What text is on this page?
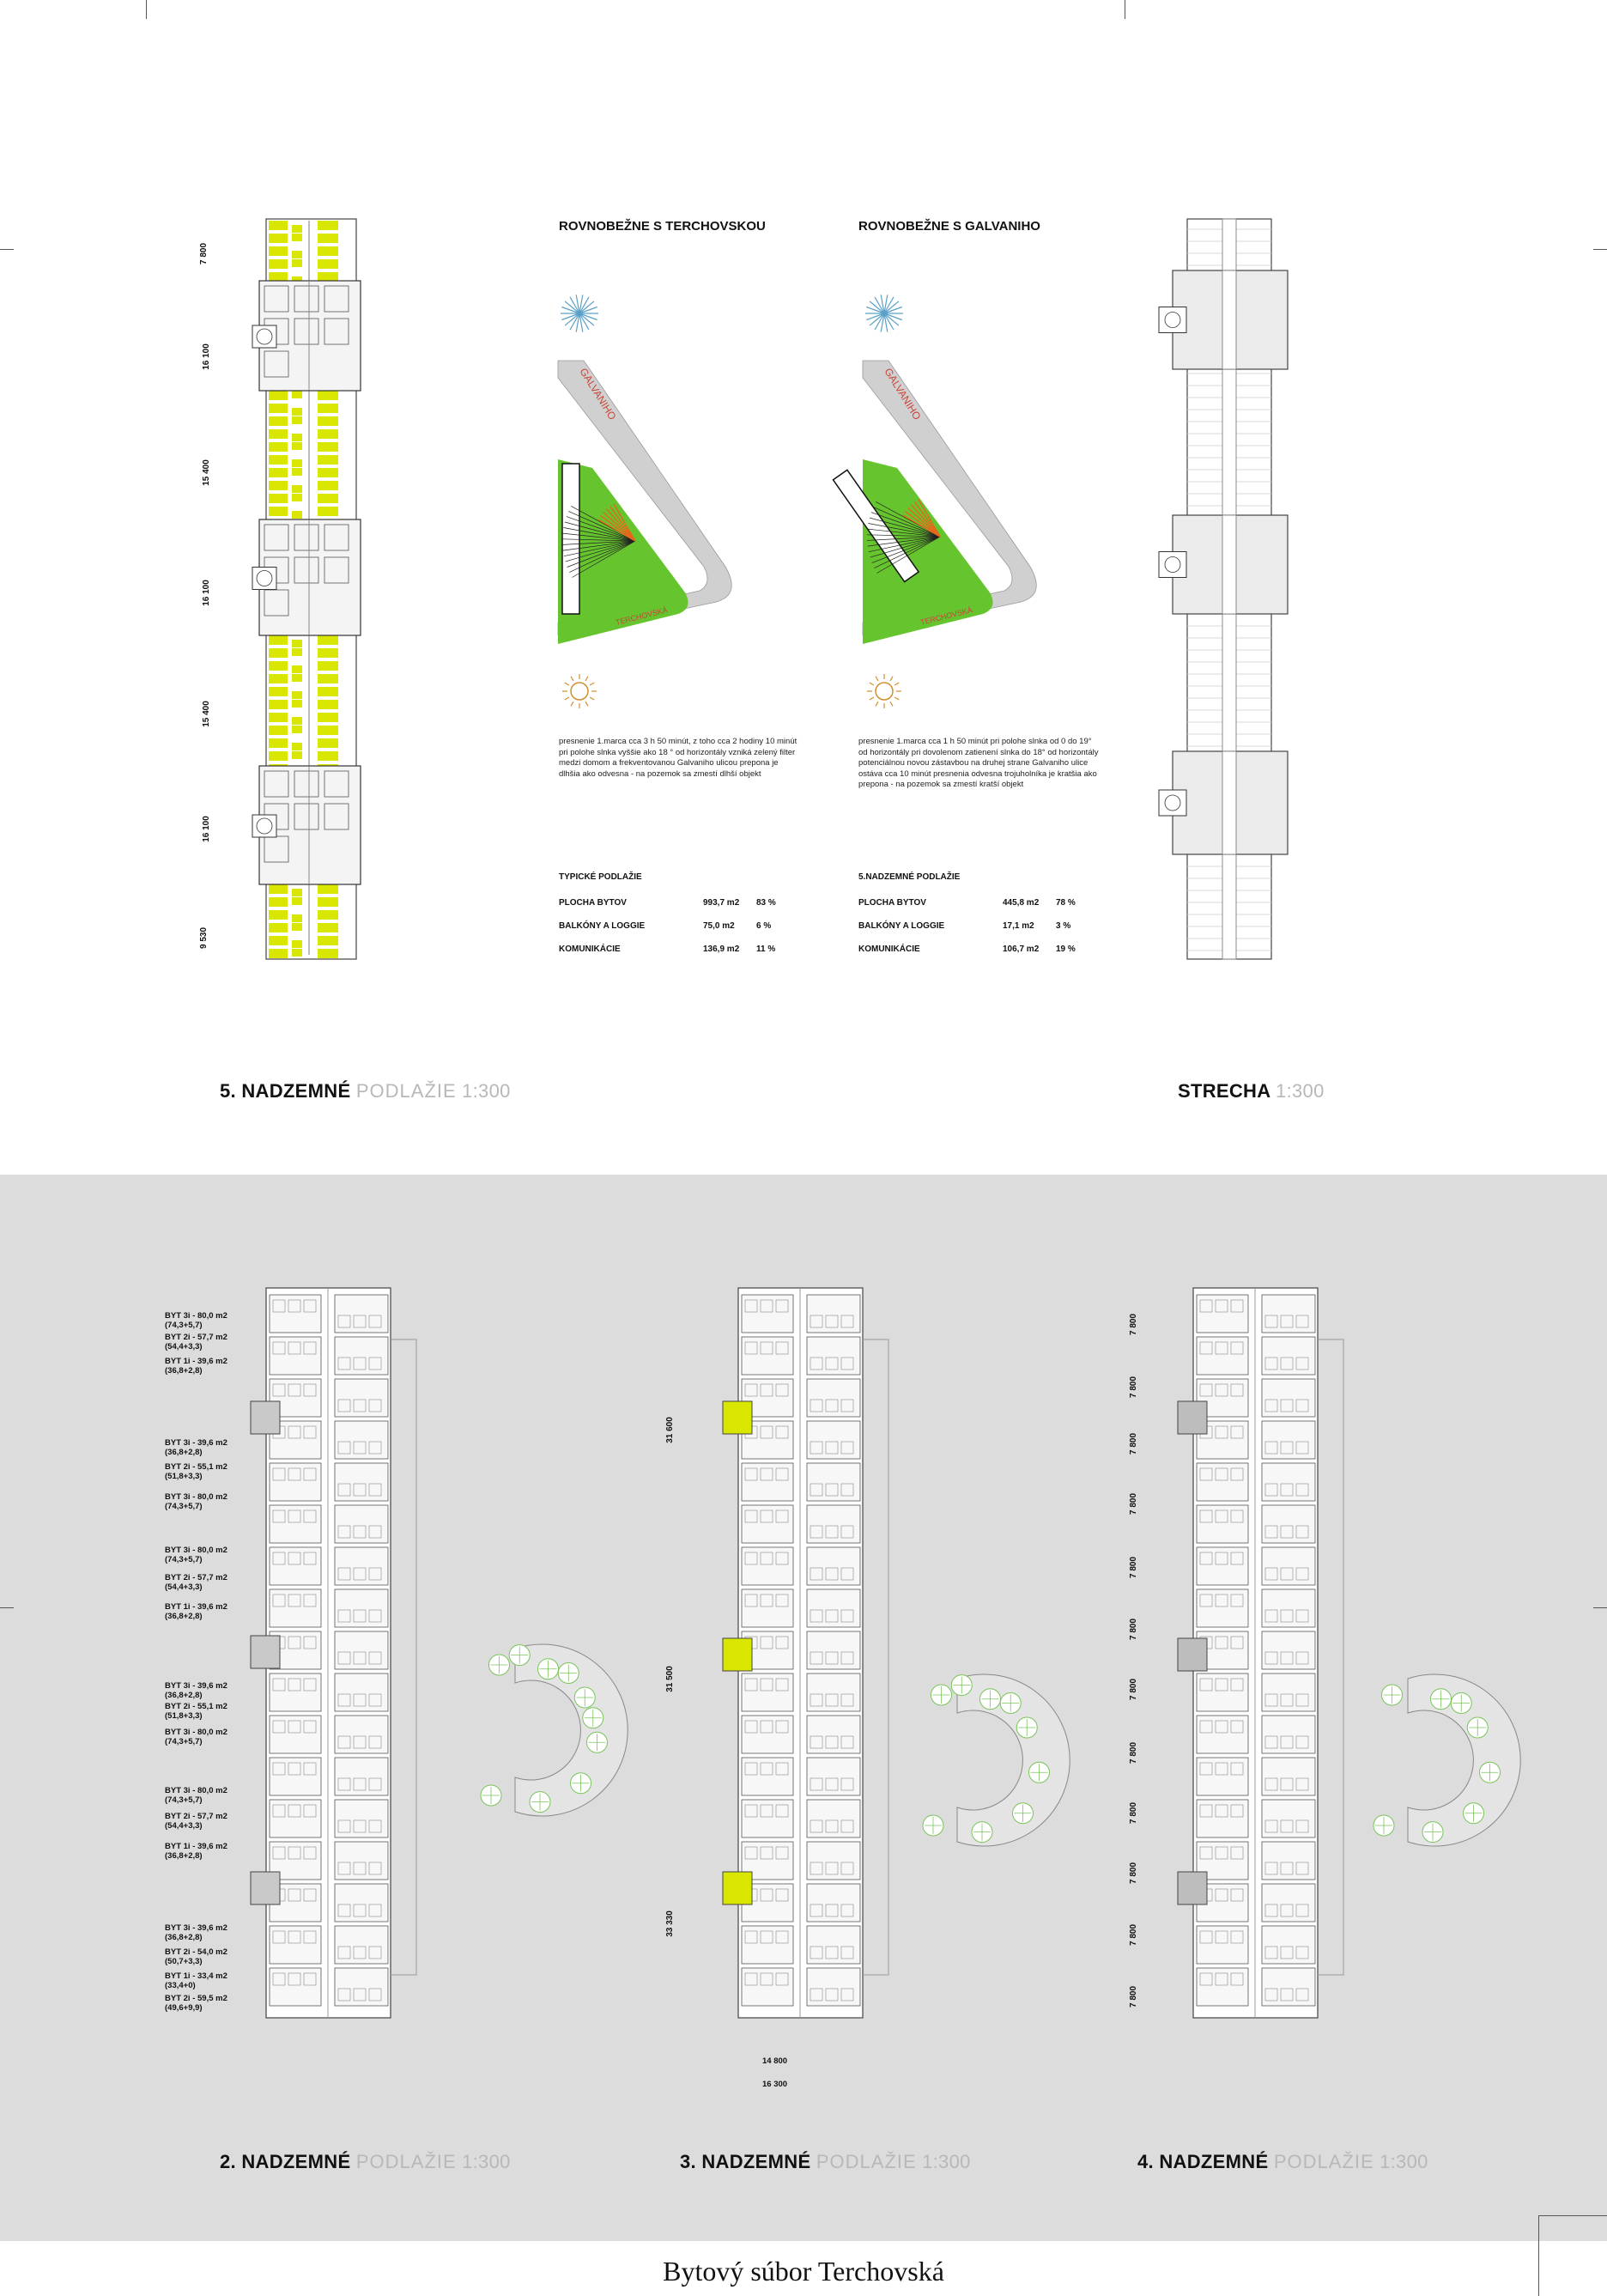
7 800
16 100
15 400
16 100
15 400
16 100
9 530
5. NADZEMNÉ PODLAŽIE 1:300
ROVNOBEŽNE S TERCHOVSKOU	ROVNOBEŽNE S GALVANIHO
GALVANIHO
TERCHOVSKÁ
GALVANIHO
TERCHOVSKÁ
presnenie 1.marca cca 3 h 50 minút, z toho cca 2 hodiny 10 minút pri polohe slnka vyššie ako 18 ° od horizontály vzniká zelený filter medzi domom a frekventovanou Galvaniho ulicou prepona je dlhšia ako odvesna - na pozemok sa zmestí dlhší objekt
presnenie 1.marca cca 1 h 50 minút pri polohe slnka od 0 do 19° od horizontály pri dovolenom zatienení slnka do 18° od horizontály potenciálnou novou zástavbou na druhej strane Galvaniho ulice ostáva cca 10 minút presnenia odvesna trojuholníka je kratšia ako prepona - na pozemok sa zmestí kratší objekt
TYPICKÉ PODLAŽIE	5.NADZEMNÉ PODLAŽIE
PLOCHA BYTOV	993,7 m2 83 %
BALKÓNY A LOGGIE	75,0 m2	6 %
KOMUNIKÁCIE	136,9 m2 11 %
PLOCHA BYTOV	445,8 m2 78 %
BALKÓNY A LOGGIE	17,1 m2	3 %
KOMUNIKÁCIE	106,7 m2 19 %
STRECHA 1:300
BYT 3i - 80,0 m2
(74,3+5,7)
BYT 2i - 57,7 m2
(54,4+3,3)
BYT 1i - 39,6 m2
(36,8+2,8)
BYT 3i - 39,6 m2
(36,8+2,8)
BYT 2i - 55,1 m2
(51,8+3,3)
BYT 3i - 80,0 m2
(74,3+5,7)
BYT 3i - 80,0 m2
(74,3+5,7)
BYT 2i - 57,7 m2
(54,4+3,3)
BYT 1i - 39,6 m2
(36,8+2,8)
BYT 3i - 39,6 m2
(36,8+2,8)
BYT 2i - 55,1 m2
(51,8+3,3)
BYT 3i - 80,0 m2
(74,3+5,7)
BYT 3i - 80,0 m2
(74,3+5,7)
BYT 2i - 57,7 m2
(54,4+3,3)
BYT 1i - 39,6 m2
(36,8+2,8)
BYT 3i - 39,6 m2
(36,8+2,8)
BYT 2i - 54,0 m2
(50,7+3,3)
BYT 1i - 33,4 m2
(33,4+0)
BYT 2i - 59,5 m2
(49,6+9,9)
31 600
31 500
33 330
7 800
7 800
7 800
7 800
7 800
7 800
7 800
7 800
7 800
7 800
7 800
7 800
14 800
16 300
2. NADZEMNÉ PODLAŽIE 1:300	3. NADZEMNÉ PODLAŽIE 1:300	4. NADZEMNÉ PODLAŽIE 1:300
Bytový súbor Terchovská
